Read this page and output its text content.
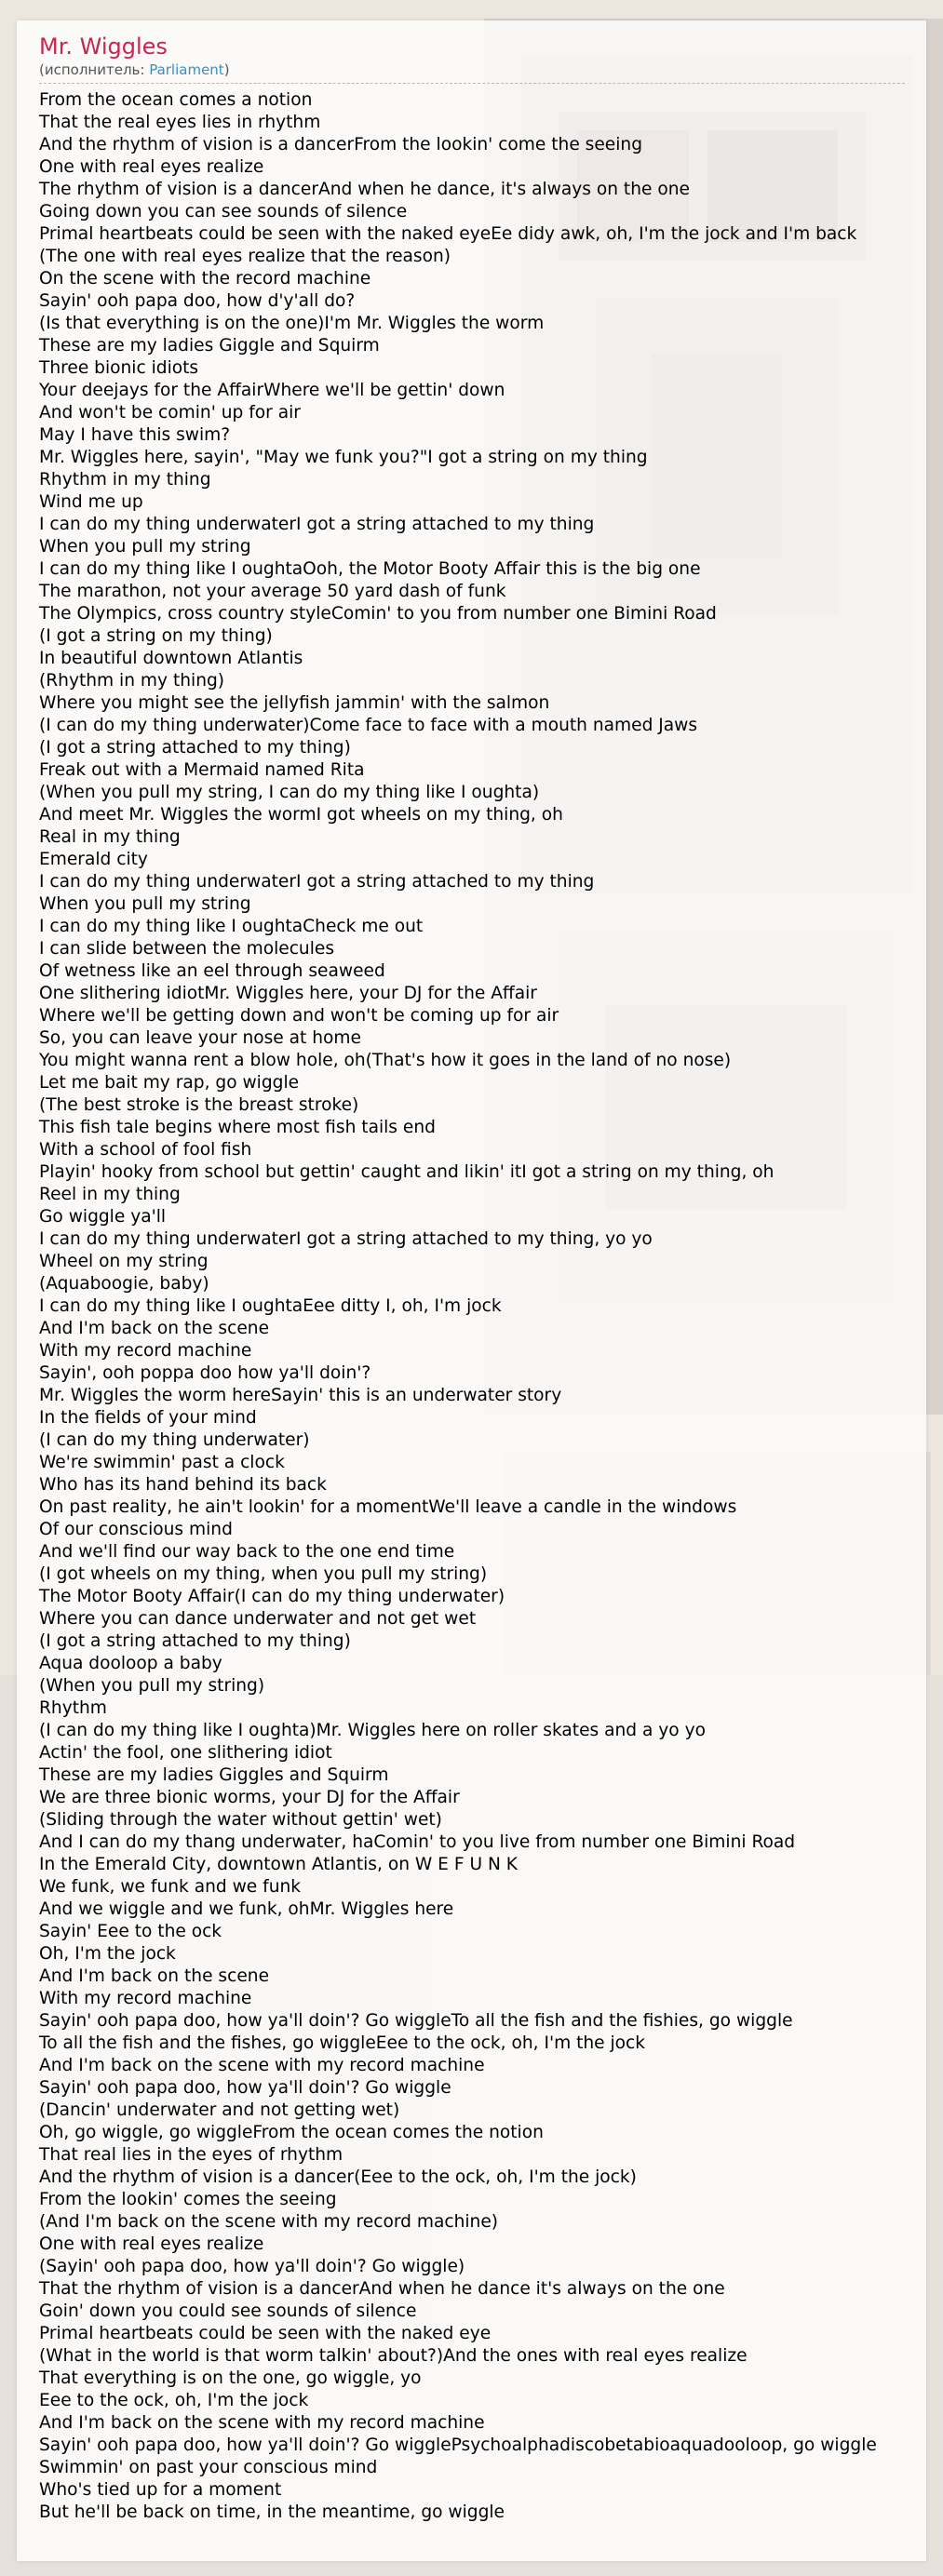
Mr. Wiggles
(исполнитель: Parliament)
From the ocean comes a notion
That the real eyes lies in rhythm
And the rhythm of vision is a dancerFrom the lookin' come the seeing
One with real eyes realize
The rhythm of vision is a dancerAnd when he dance, it's always on the one
Going down you can see sounds of silence
Primal heartbeats could be seen with the naked eyeEe didy awk, oh, I'm the jock and I'm back
(The one with real eyes realize that the reason)
On the scene with the record machine
Sayin' ooh papa doo, how d'y'all do?
(Is that everything is on the one)I'm Mr. Wiggles the worm
These are my ladies Giggle and Squirm
Three bionic idiots
Your deejays for the AffairWhere we'll be gettin' down
And won't be comin' up for air
May I have this swim?
Mr. Wiggles here, sayin', "May we funk you?"I got a string on my thing
Rhythm in my thing
Wind me up
I can do my thing underwaterI got a string attached to my thing
When you pull my string
I can do my thing like I oughtaOoh, the Motor Booty Affair this is the big one
The marathon, not your average 50 yard dash of funk
The Olympics, cross country styleComin' to you from number one Bimini Road
(I got a string on my thing)
In beautiful downtown Atlantis
(Rhythm in my thing)
Where you might see the jellyfish jammin' with the salmon
(I can do my thing underwater)Come face to face with a mouth named Jaws
(I got a string attached to my thing)
Freak out with a Mermaid named Rita
(When you pull my string, I can do my thing like I oughta)
And meet Mr. Wiggles the wormI got wheels on my thing, oh
Real in my thing
Emerald city
I can do my thing underwaterI got a string attached to my thing
When you pull my string
I can do my thing like I oughtaCheck me out
I can slide between the molecules
Of wetness like an eel through seaweed
One slithering idiotMr. Wiggles here, your DJ for the Affair
Where we'll be getting down and won't be coming up for air
So, you can leave your nose at home
You might wanna rent a blow hole, oh(That's how it goes in the land of no nose)
Let me bait my rap, go wiggle
(The best stroke is the breast stroke)
This fish tale begins where most fish tails end
With a school of fool fish
Playin' hooky from school but gettin' caught and likin' itI got a string on my thing, oh
Reel in my thing
Go wiggle ya'll
I can do my thing underwaterI got a string attached to my thing, yo yo
Wheel on my string
(Aquaboogie, baby)
I can do my thing like I oughtaEee ditty I, oh, I'm jock
And I'm back on the scene
With my record machine
Sayin', ooh poppa doo how ya'll doin'?
Mr. Wiggles the worm hereSayin' this is an underwater story
In the fields of your mind
(I can do my thing underwater)
We're swimmin' past a clock
Who has its hand behind its back
On past reality, he ain't lookin' for a momentWe'll leave a candle in the windows
Of our conscious mind
And we'll find our way back to the one end time
(I got wheels on my thing, when you pull my string)
The Motor Booty Affair(I can do my thing underwater)
Where you can dance underwater and not get wet
(I got a string attached to my thing)
Aqua dooloop a baby
(When you pull my string)
Rhythm
(I can do my thing like I oughta)Mr. Wiggles here on roller skates and a yo yo
Actin' the fool, one slithering idiot
These are my ladies Giggles and Squirm
We are three bionic worms, your DJ for the Affair
(Sliding through the water without gettin' wet)
And I can do my thang underwater, haComin' to you live from number one Bimini Road
In the Emerald City, downtown Atlantis, on W E F U N K
We funk, we funk and we funk
And we wiggle and we funk, ohMr. Wiggles here
Sayin' Eee to the ock
Oh, I'm the jock
And I'm back on the scene
With my record machine
Sayin' ooh papa doo, how ya'll doin'? Go wiggleTo all the fish and the fishies, go wiggle
To all the fish and the fishes, go wiggleEee to the ock, oh, I'm the jock
And I'm back on the scene with my record machine
Sayin' ooh papa doo, how ya'll doin'? Go wiggle
(Dancin' underwater and not getting wet)
Oh, go wiggle, go wiggleFrom the ocean comes the notion
That real lies in the eyes of rhythm
And the rhythm of vision is a dancer(Eee to the ock, oh, I'm the jock)
From the lookin' comes the seeing
(And I'm back on the scene with my record machine)
One with real eyes realize
(Sayin' ooh papa doo, how ya'll doin'? Go wiggle)
That the rhythm of vision is a dancerAnd when he dance it's always on the one
Goin' down you could see sounds of silence
Primal heartbeats could be seen with the naked eye
(What in the world is that worm talkin' about?)And the ones with real eyes realize
That everything is on the one, go wiggle, yo
Eee to the ock, oh, I'm the jock
And I'm back on the scene with my record machine
Sayin' ooh papa doo, how ya'll doin'? Go wigglePsychoalphadiscobetabioaquadooloop, go wiggle
Swimmin' on past your conscious mind
Who's tied up for a moment
But he'll be back on time, in the meantime, go wiggle
